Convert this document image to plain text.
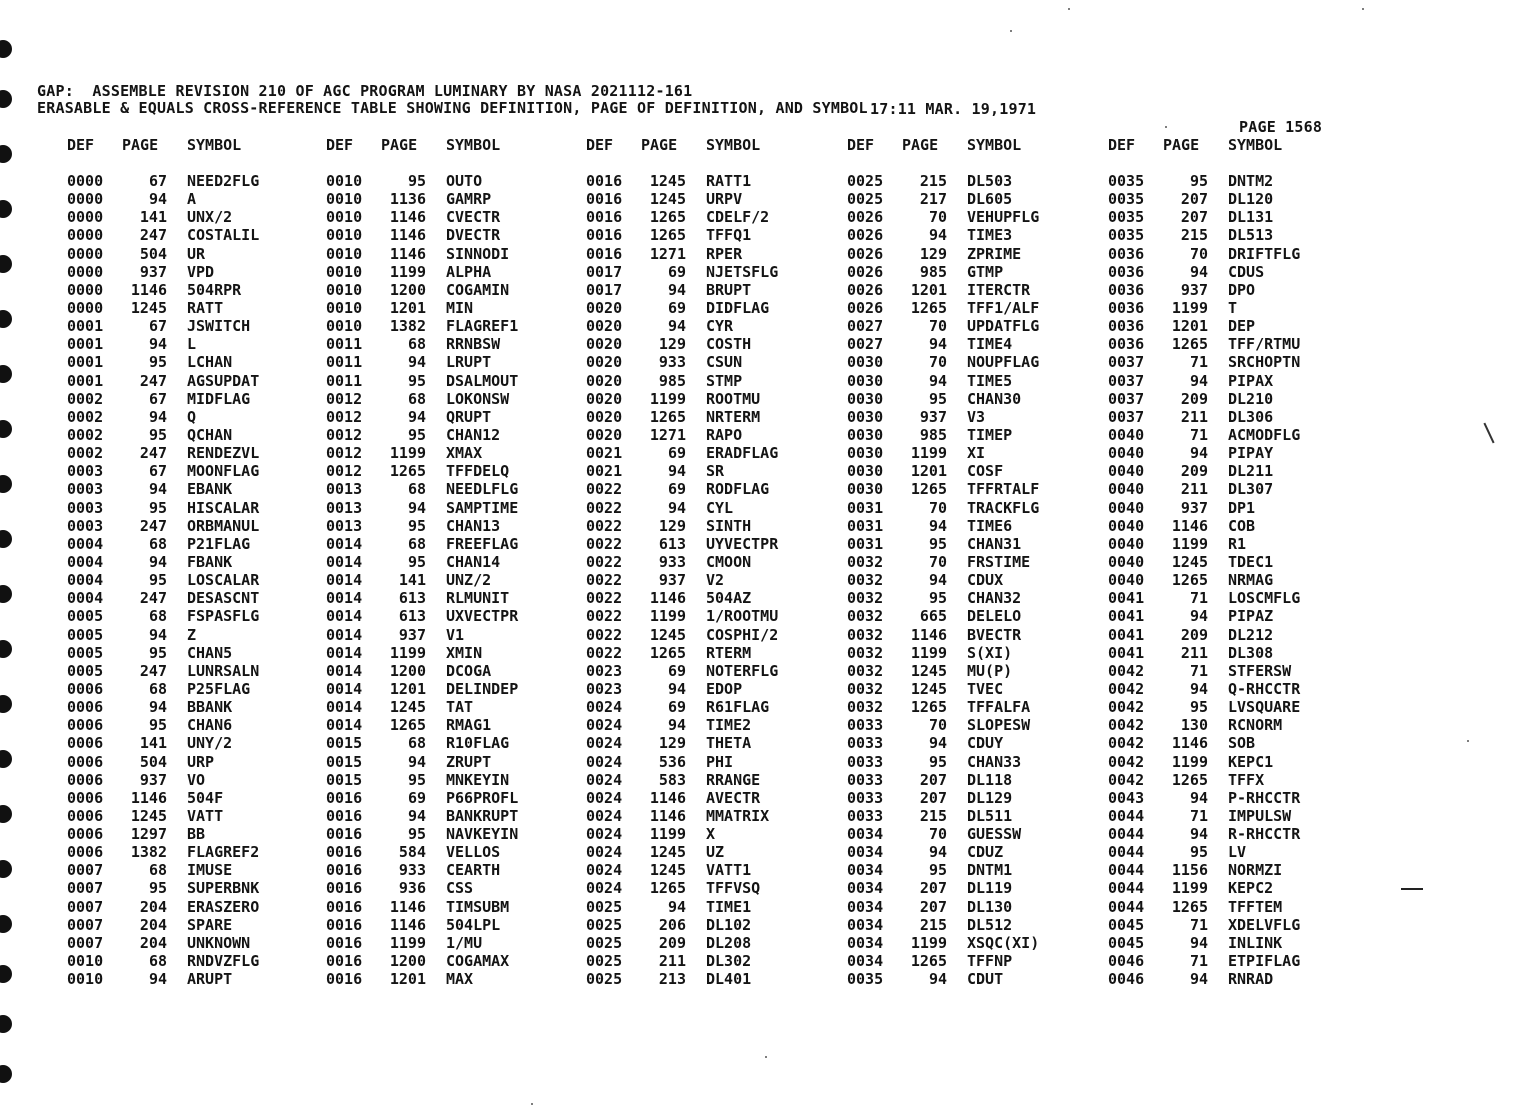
GAP:  ASSEMBLE REVISION 210 OF AGC PROGRAM LUMINARY BY NASA 2021112-161

17:11 MAR. 19,1971

PAGE 1568

ERASABLE & EQUALS CROSS-REFERENCE TABLE SHOWING DEFINITION, PAGE OF DEFINITION, AND SYMBOL
DEF PAGE SYMBOL
0000	67 NEED2FLG
0000	94 A
0000	141 UNX/2
0000	247 COSTALIL
0000	504 UR
0000	937 VPD
0000	1146 504RPR
0000	1245 RATT
0001	67 JSWITCH
0001	94 L
0001	95 LCHAN
0001	247 AGSUPDAT
0002	67 MIDFLAG
0002	94 Q
0002	95 QCHAN
0002	247 RENDEZVL
0003	67 MOONFLAG
0003	94 EBANK
0003	95 HISCALAR
0003	247 ORBMANUL
0004	68 P21FLAG
0004	94 FBANK
0004	95 LOSCALAR
0004	247 DESASCNT
0005	68 FSPASFLG
0005	94 Z
0005	95 CHAN5
0005	247 LUNRSALN
0006	68 P25FLAG
0006	94 BBANK
0006	95 CHAN6
0006	141 UNY/2
0006	504 URP
0006	937 VO
0006	1146 504F
0006	1245 VATT
0006	1297 BB
0006	1382 FLAGREF2
0007	68 IMUSE
0007	95 SUPERBNK
0007	204 ERASZERO
0007	204 SPARE
0007	204 UNKNOWN
0010	68 RNDVZFLG
0010	94 ARUPT
DEF PAGE SYMBOL
0010	95 OUTO
0010	1136 GAMRP
0010	1146 CVECTR
0010	1146 DVECTR
0010	1146 SINNODI
0010	1199 ALPHA
0010	1200 COGAMIN
0010	1201 MIN
0010	1382 FLAGREF1
0011	68 RRNBSW
0011	94 LRUPT
0011	95 DSALMOUT
0012	68 LOKONSW
0012	94 QRUPT
0012	95 CHAN12
0012	1199 XMAX
0012	1265 TFFDELQ
0013	68 NEEDLFLG
0013	94 SAMPTIME
0013	95 CHAN13
0014	68 FREEFLAG
0014	95 CHAN14
0014	141 UNZ/2
0014	613 RLMUNIT
0014	613 UXVECTPR
0014	937 V1
0014	1199 XMIN
0014	1200 DCOGA
0014	1201 DELINDEP
0014	1245 TAT
0014	1265 RMAG1
0015	68 R10FLAG
0015	94 ZRUPT
0015	95 MNKEYIN
0016	69 P66PROFL
0016	94 BANKRUPT
0016	95 NAVKEYIN
0016	584 VELLOS
0016	933 CEARTH
0016	936 CSS
0016	1146 TIMSUBM
0016	1146 504LPL
0016	1199 1/MU
0016	1200 COGAMAX
0016	1201 MAX
DEF PAGE SYMBOL
0016	1245 RATT1
0016	1245 URPV
0016	1265 CDELF/2
0016	1265 TFFQ1
0016	1271 RPER
0017	69 NJETSFLG
0017	94 BRUPT
0020	69 DIDFLAG
0020	94 CYR
0020	129 COSTH
0020	933 CSUN
0020	985 STMP
0020	1199 ROOTMU
0020	1265 NRTERM
0020	1271 RAPO
0021	69 ERADFLAG
0021	94 SR
0022	69 RODFLAG
0022	94 CYL
0022	129 SINTH
0022	613 UYVECTPR
0022	933 CMOON
0022	937 V2
0022	1146 504AZ
0022	1199 1/ROOTMU
0022	1245 COSPHI/2
0022	1265 RTERM
0023	69 NOTERFLG
0023	94 EDOP
0024	69 R61FLAG
0024	94 TIME2
0024	129 THETA
0024	536 PHI
0024	583 RRANGE
0024	1146 AVECTR
0024	1146 MMATRIX
0024	1199 X
0024	1245 UZ
0024	1245 VATT1
0024	1265 TFFVSQ
0025	94 TIME1
0025	206 DL102
0025	209 DL208
0025	211 DL302
0025	213 DL401
DEF PAGE SYMBOL
0025	215 DL503
0025	217 DL605
0026	70 VEHUPFLG
0026	94 TIME3
0026	129 ZPRIME
0026	985 GTMP
0026	1201 ITERCTR
0026	1265 TFF1/ALF
0027	70 UPDATFLG
0027	94 TIME4
0030	70 NOUPFLAG
0030	94 TIME5
0030	95 CHAN30
0030	937 V3
0030	985 TIMEP
0030	1199 XI
0030	1201 COSF
0030	1265 TFFRTALF
0031	70 TRACKFLG
0031	94 TIME6
0031	95 CHAN31
0032	70 FRSTIME
0032	94 CDUX
0032	95 CHAN32
0032	665 DELELO
0032	1146 BVECTR
0032	1199 S(XI)
0032	1245 MU(P)
0032	1245 TVEC
0032	1265 TFFALFA
0033	70 SLOPESW
0033	94 CDUY
0033	95 CHAN33
0033	207 DL118
0033	207 DL129
0033	215 DL511
0034	70 GUESSW
0034	94 CDUZ
0034	95 DNTM1
0034	207 DL119
0034	207 DL130
0034	215 DL512
0034	1199 XSQC(XI)
0034	1265 TFFNP
0035	94 CDUT
DEF PAGE SYMBOL
0035	95 DNTM2
0035	207 DL120
0035	207 DL131
0035	215 DL513
0036	70 DRIFTFLG
0036	94 CDUS
0036	937 DPO
0036	1199 T
0036	1201 DEP
0036	1265 TFF/RTMU
0037	71 SRCHOPTN
0037	94 PIPAX
0037	209 DL210
0037	211 DL306
0040	71 ACMODFLG
0040	94 PIPAY
0040	209 DL211
0040	211 DL307
0040	937 DP1
0040	1146 COB
0040	1199 R1
0040	1245 TDEC1
0040	1265 NRMAG
0041	71 LOSCMFLG
0041	94 PIPAZ
0041	209 DL212
0041	211 DL308
0042	71 STFERSW
0042	94 Q-RHCCTR
0042	95 LVSQUARE
0042	130 RCNORM
0042	1146 SOB
0042	1199 KEPC1
0042	1265 TFFX
0043	94 P-RHCCTR
0044	71 IMPULSW
0044	94 R-RHCCTR
0044	95 LV
0044	1156 NORMZI
0044	1199 KEPC2
0044	1265 TFFTEM
0045	71 XDELVFLG
0045	94 INLINK
0046	71 ETPIFLAG
0046	94 RNRAD
